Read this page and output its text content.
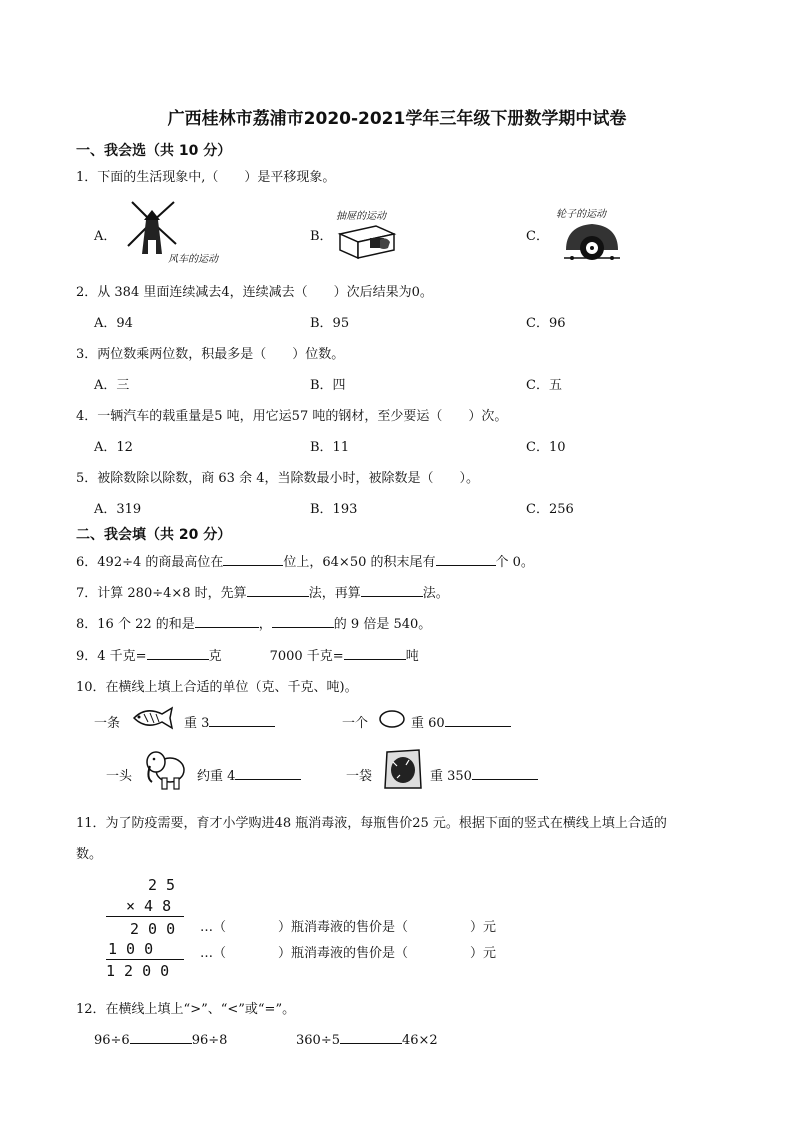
广西桂林市荔浦市2020-2021学年三年级下册数学期中试卷
一、我会选（共 10 分）
1．下面的生活现象中,（　　）是平移现象。
A．	B．	C．
风车的运动
抽屉的运动	轮子的运动
2．从 384 里面连续减去4，连续减去（　　）次后结果为0。
A．94	B．95	C．96
3．两位数乘两位数，积最多是（　　）位数。
A．三	B．四	C．五
4．一辆汽车的载重量是5 吨，用它运57 吨的钢材，至少要运（　　）次。
A．12	B．11	C．10
5．被除数除以除数，商 63 余 4，当除数最小时，被除数是（　　）。
A．319	B．193	C．256
二、我会填（共 20 分）
6．492÷4 的商最高位在	位上，64×50 的积末尾有	个 0。
7．计算 280÷4×8 时，先算	法，再算	法。
8．16 个 22 的和是	，	的 9 倍是 540。
9．4 千克=	克	7000 千克=	吨
10．在横线上填上合适的单位（克、千克、吨)。
一条	重 3	一个	重 60
一头	约重 4	一袋	重 350
11．为了防疫需要，育才小学购进48 瓶消毒液，每瓶售价25 元。根据下面的竖式在横线上填上合适的
数。
2 5
× 4 8
2 0 0
1 0 0
1 2 0 0
…（	）瓶消毒液的售价是（	）元
…（	）瓶消毒液的售价是（	）元
12．在横线上填上“>”、“<”或“=”。
96÷6	96÷8	360÷5	46×2
